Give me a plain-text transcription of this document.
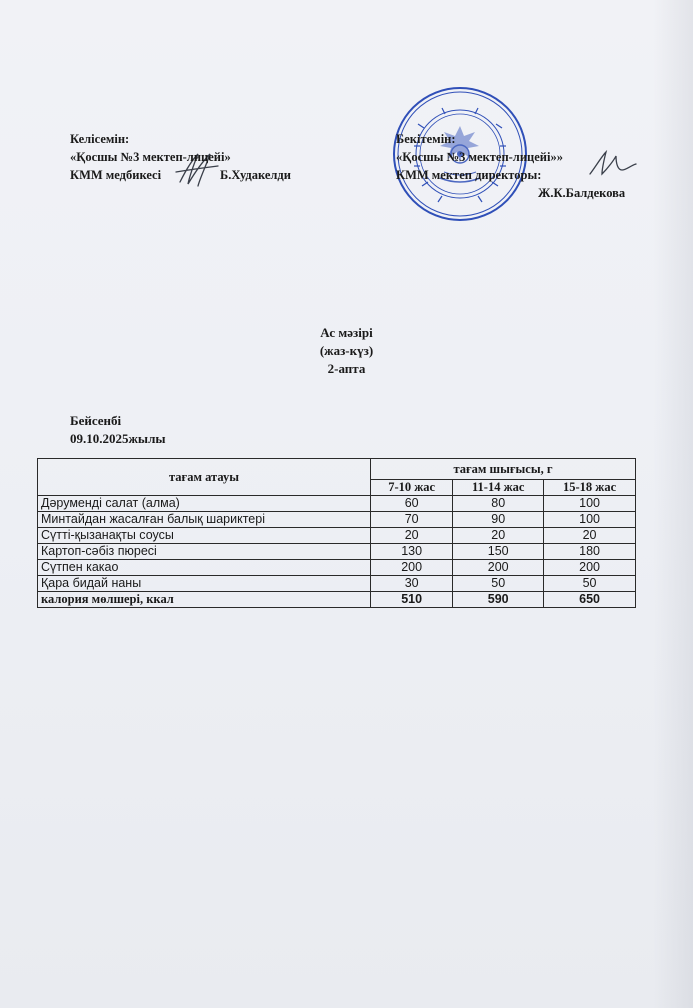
Келісемін:
«Қосшы №3 мектеп-лицейі»
КММ медбикесі	Б.Худакелди
Бекітемін:
«Қосшы №3 мектеп-лицейі»»
КММ мектеп директоры:
Ж.К.Балдекова
Ас мәзірі
(жаз-күз)
2-апта
Бейсенбі
09.10.2025жылы
тағам атауы	тағам шығысы, г		
	7-10 жас	11-14 жас	15-18 жас
Дәруменді салат (алма)	60	80	100
Минтайдан жасалған балық шариктері	70	90	100
Сүтті-қызанақты соусы	20	20	20
Картоп-сәбіз пюресі	130	150	180
Сүтпен какао	200	200	200
Қара бидай наны	30	50	50
калория мөлшері, ккал	510	590	650
